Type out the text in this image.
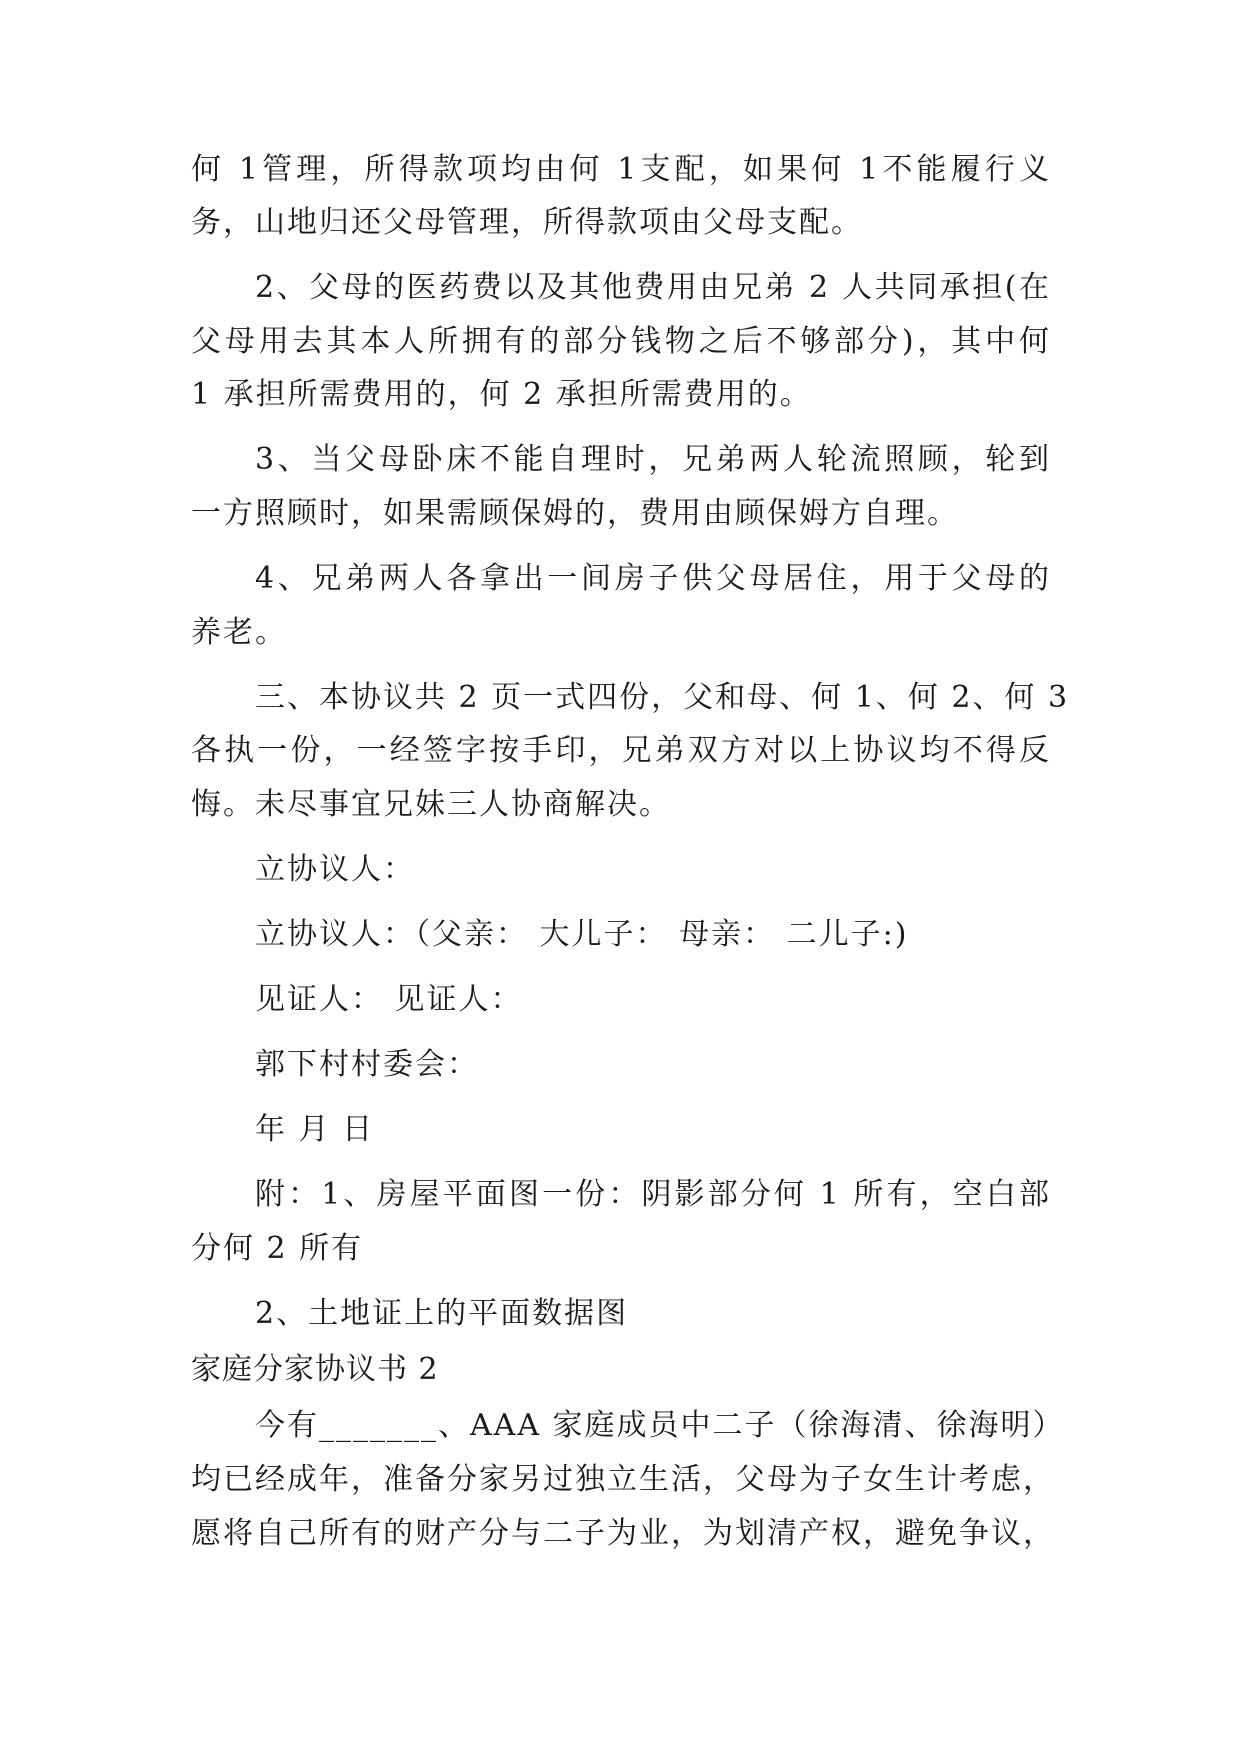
何 1管理，所得款项均由何 1支配，如果何 1不能履行义
务，山地归还父母管理，所得款项由父母支配。
2、父母的医药费以及其他费用由兄弟 2 人共同承担(在
父母用去其本人所拥有的部分钱物之后不够部分)，其中何
1 承担所需费用的，何 2 承担所需费用的。
3、当父母卧床不能自理时，兄弟两人轮流照顾，轮到
一方照顾时，如果需顾保姆的，费用由顾保姆方自理。
4、兄弟两人各拿出一间房子供父母居住，用于父母的
养老。
三、本协议共 2 页一式四份，父和母、何 1、何 2、何 3
各执一份，一经签字按手印，兄弟双方对以上协议均不得反
悔。未尽事宜兄妹三人协商解决。
立协议人：
立协议人：（父亲： 大儿子： 母亲： 二儿子:)
见证人： 见证人：
郭下村村委会：
年 月 日
附：1、房屋平面图一份：阴影部分何 1 所有，空白部
分何 2 所有
2、土地证上的平面数据图
家庭分家协议书 2
今有_______、AAA 家庭成员中二子（徐海清、徐海明）
均已经成年，准备分家另过独立生活，父母为子女生计考虑，
愿将自己所有的财产分与二子为业，为划清产权，避免争议，
